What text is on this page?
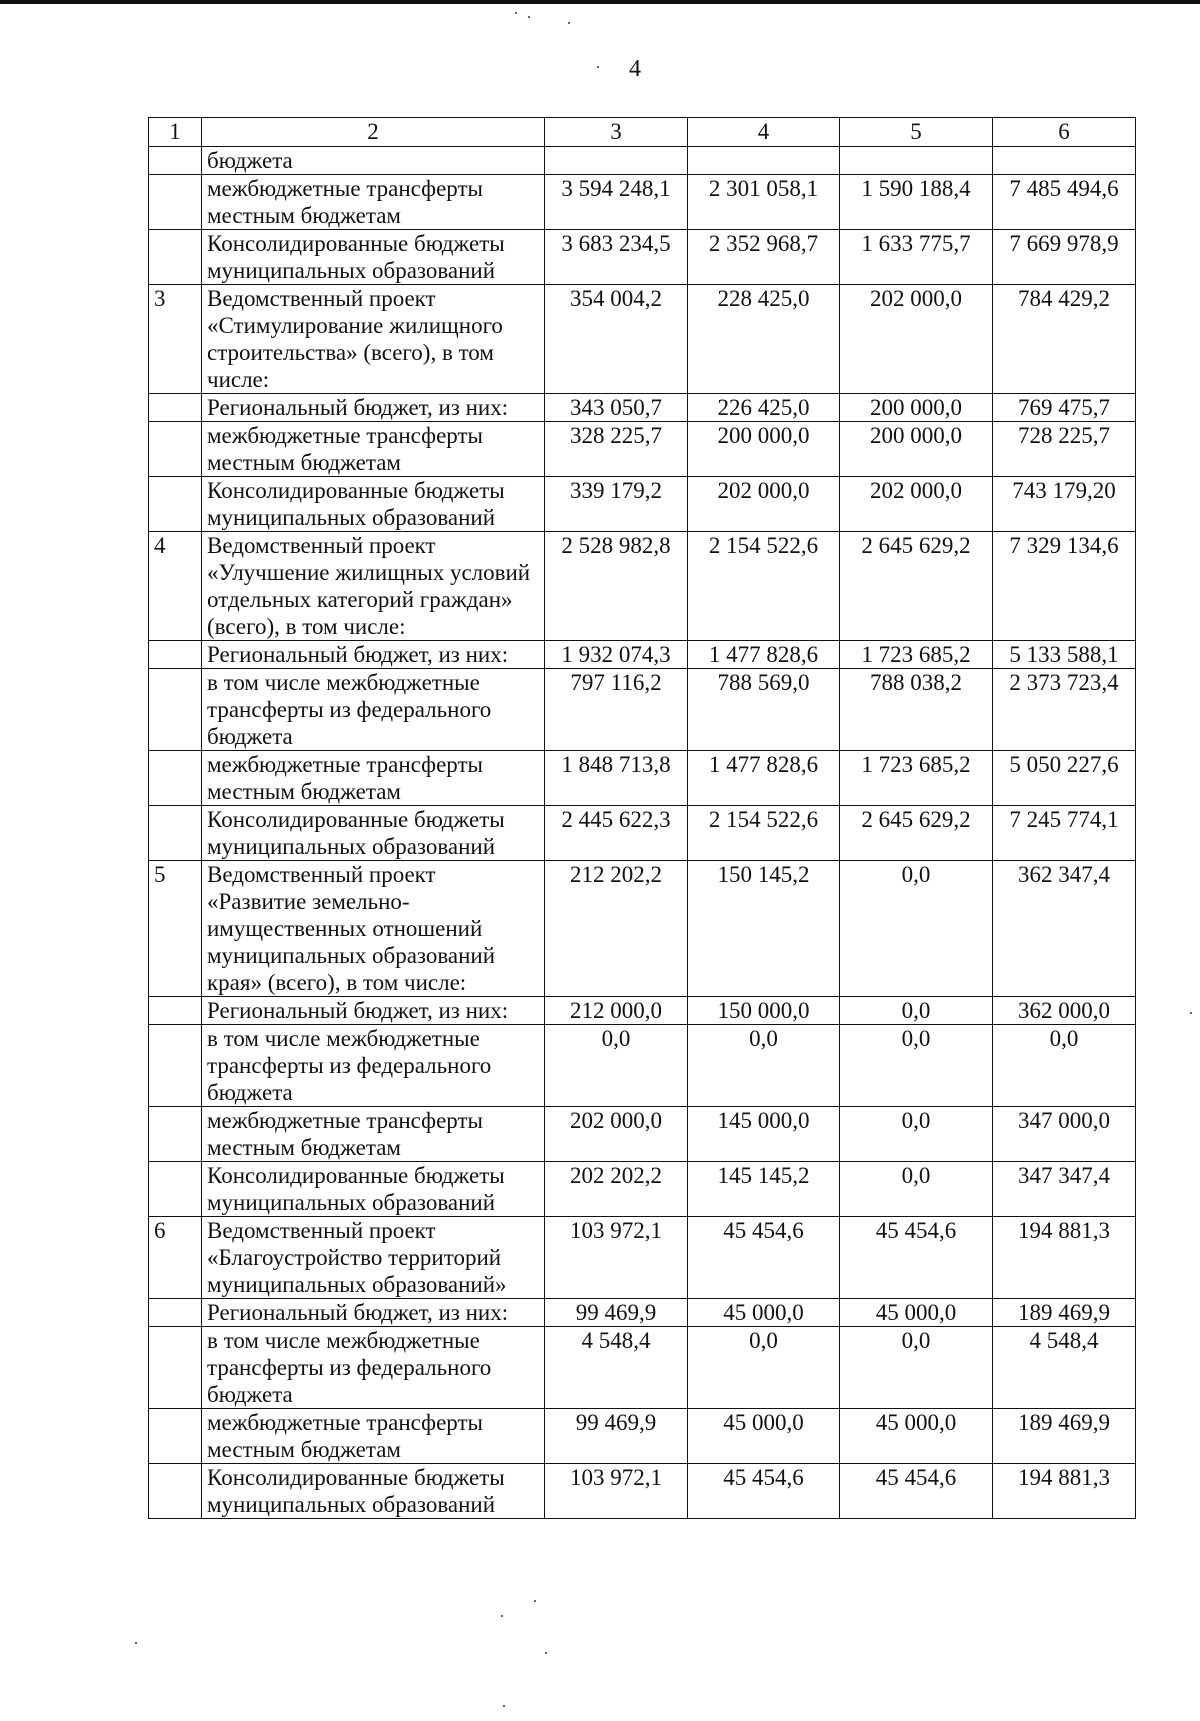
4
1	2	3	4	5	6
	бюджета				
	межбюджетные трансферты местным бюджетам	3 594 248,1	2 301 058,1	1 590 188,4	7 485 494,6
	Консолидированные бюджеты муниципальных образований	3 683 234,5	2 352 968,7	1 633 775,7	7 669 978,9
3	Ведомственный проект «Стимулирование жилищного строительства» (всего), в том числе:	354 004,2	228 425,0	202 000,0	784 429,2
	Региональный бюджет, из них:	343 050,7	226 425,0	200 000,0	769 475,7
	межбюджетные трансферты местным бюджетам	328 225,7	200 000,0	200 000,0	728 225,7
	Консолидированные бюджеты муниципальных образований	339 179,2	202 000,0	202 000,0	743 179,20
4	Ведомственный проект «Улучшение жилищных условий отдельных категорий граждан» (всего), в том числе:	2 528 982,8	2 154 522,6	2 645 629,2	7 329 134,6
	Региональный бюджет, из них:	1 932 074,3	1 477 828,6	1 723 685,2	5 133 588,1
	в том числе межбюджетные трансферты из федерального бюджета	797 116,2	788 569,0	788 038,2	2 373 723,4
	межбюджетные трансферты местным бюджетам	1 848 713,8	1 477 828,6	1 723 685,2	5 050 227,6
	Консолидированные бюджеты муниципальных образований	2 445 622,3	2 154 522,6	2 645 629,2	7 245 774,1
5	Ведомственный проект «Развитие земельно-имущественных отношений муниципальных образований края» (всего), в том числе:	212 202,2	150 145,2	0,0	362 347,4
	Региональный бюджет, из них:	212 000,0	150 000,0	0,0	362 000,0
	в том числе межбюджетные трансферты из федерального бюджета	0,0	0,0	0,0	0,0
	межбюджетные трансферты местным бюджетам	202 000,0	145 000,0	0,0	347 000,0
	Консолидированные бюджеты муниципальных образований	202 202,2	145 145,2	0,0	347 347,4
6	Ведомственный проект «Благоустройство территорий муниципальных образований»	103 972,1	45 454,6	45 454,6	194 881,3
	Региональный бюджет, из них:	99 469,9	45 000,0	45 000,0	189 469,9
	в том числе межбюджетные трансферты из федерального бюджета	4 548,4	0,0	0,0	4 548,4
	межбюджетные трансферты местным бюджетам	99 469,9	45 000,0	45 000,0	189 469,9
	Консолидированные бюджеты муниципальных образований	103 972,1	45 454,6	45 454,6	194 881,3
